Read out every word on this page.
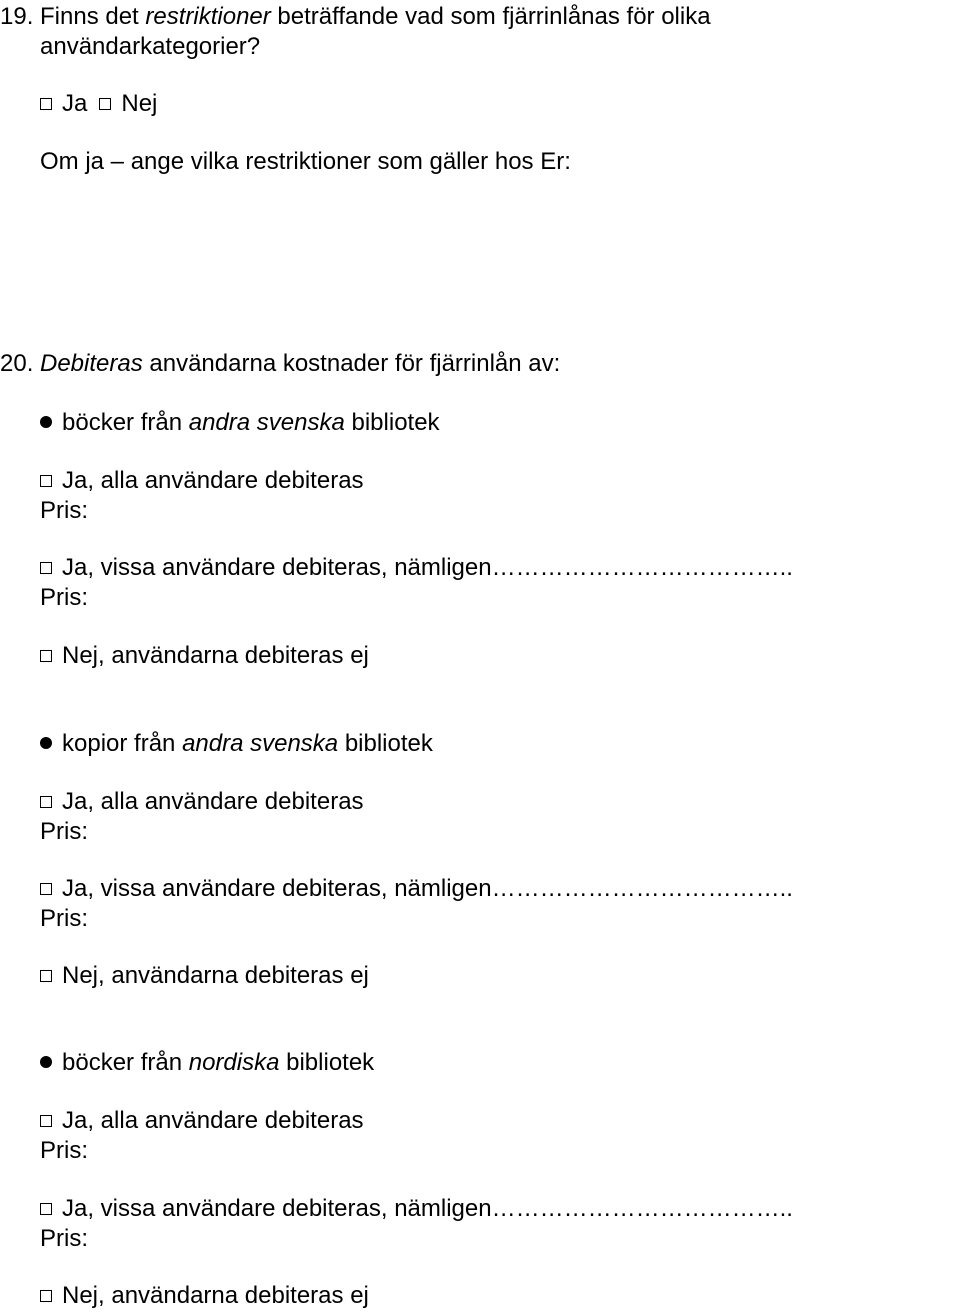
19. Finns det restriktioner beträffande vad som fjärrinlånas för olika
användarkategorier?
Ja Nej
Om ja – ange vilka restriktioner som gäller hos Er:
Debiteras användarna kostnader för fjärrinlån av:
20.
böcker från andra svenska bibliotek
Ja, alla användare debiteras
Pris:
Ja, vissa användare debiteras, nämligen………………………………..
Pris:
Nej, användarna debiteras ej
kopior från andra svenska bibliotek
Ja, alla användare debiteras
Pris:
Ja, vissa användare debiteras, nämligen………………………………..
Pris:
Nej, användarna debiteras ej
böcker från nordiska bibliotek
Ja, alla användare debiteras
Pris:
Ja, vissa användare debiteras, nämligen………………………………..
Pris:
Nej, användarna debiteras ej
